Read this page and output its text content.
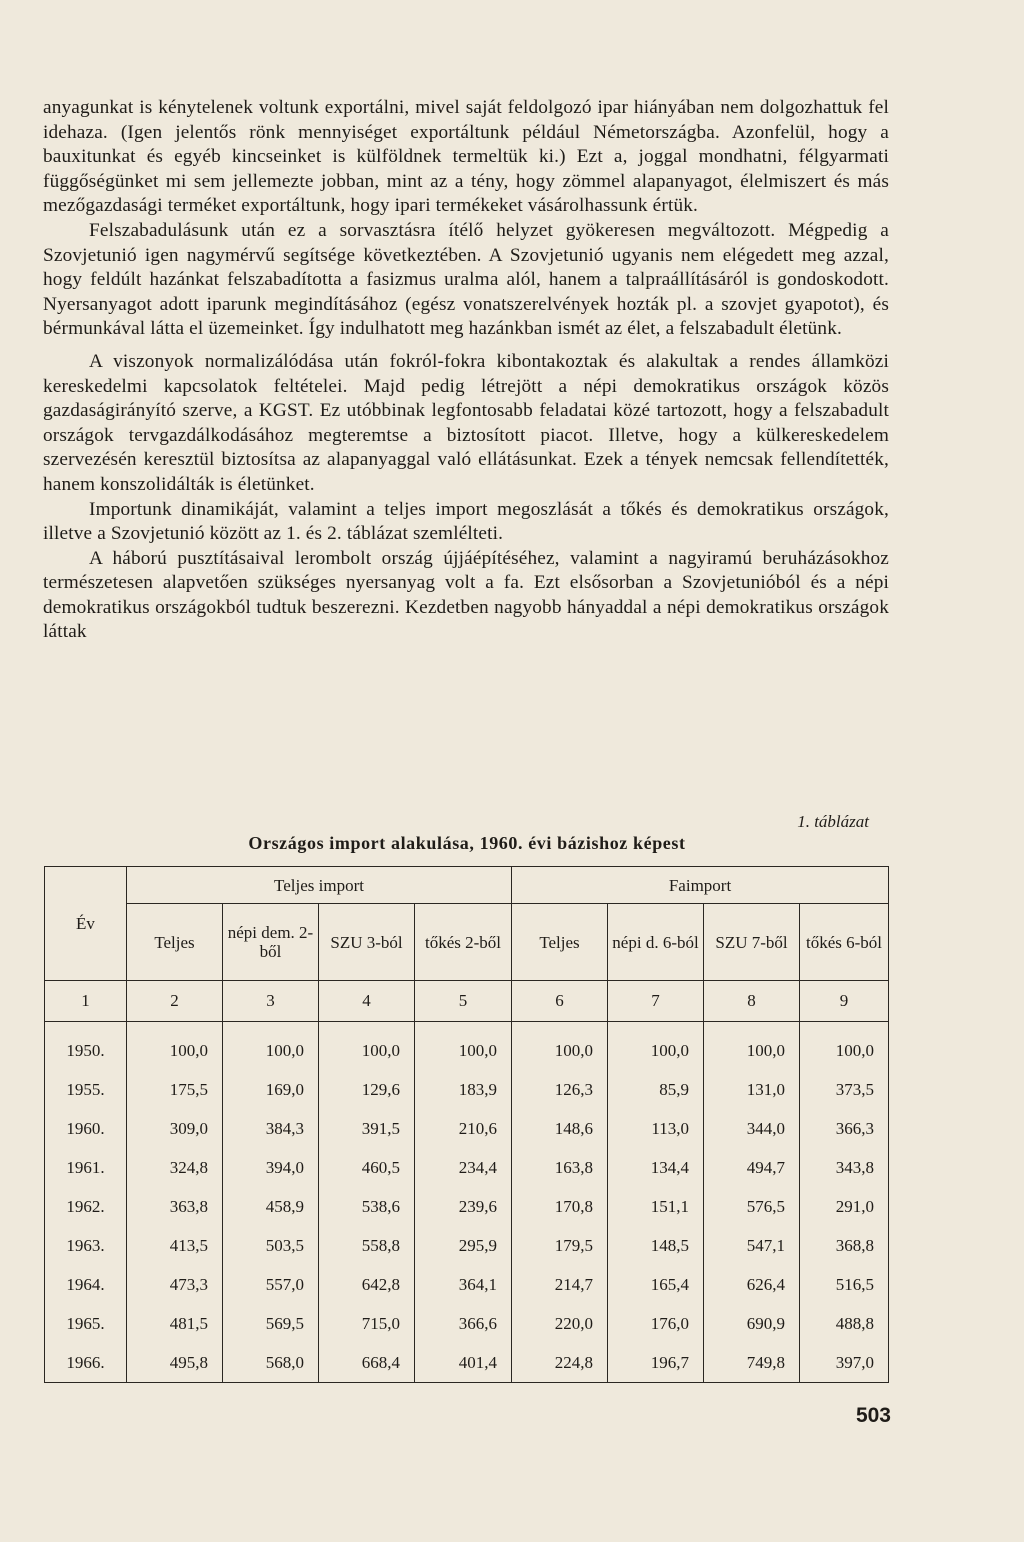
anyagunkat is kénytelenek voltunk exportálni, mivel saját feldolgozó ipar hiányában nem dolgozhattuk fel idehaza. (Igen jelentős rönk mennyiséget exportáltunk például Németországba. Azonfelül, hogy a bauxitunkat és egyéb kincseinket is külföldnek termeltük ki.) Ezt a, joggal mondhatni, félgyarmati függőségünket mi sem jellemezte jobban, mint az a tény, hogy zömmel alapanyagot, élelmiszert és más mezőgazdasági terméket exportáltunk, hogy ipari termékeket vásárolhassunk értük.

Felszabadulásunk után ez a sorvasztásra ítélő helyzet gyökeresen megváltozott. Mégpedig a Szovjetunió igen nagymérvű segítsége következtében. A Szovjetunió ugyanis nem elégedett meg azzal, hogy feldúlt hazánkat felszabadította a fasizmus uralma alól, hanem a talpraállításáról is gondoskodott. Nyersanyagot adott iparunk megindításához (egész vonatszerelvények hozták pl. a szovjet gyapotot), és bérmunkával látta el üzemeinket. Így indulhatott meg hazánkban ismét az élet, a felszabadult életünk.

A viszonyok normalizálódása után fokról-fokra kibontakoztak és alakultak a rendes államközi kereskedelmi kapcsolatok feltételei. Majd pedig létrejött a népi demokratikus országok közös gazdaságirányító szerve, a KGST. Ez utóbbinak legfontosabb feladatai közé tartozott, hogy a felszabadult országok tervgazdálkodásához megteremtse a biztosított piacot. Illetve, hogy a külkereskedelem szervezésén keresztül biztosítsa az alapanyaggal való ellátásunkat. Ezek a tények nemcsak fellendítették, hanem konszolidálták is életünket.

Importunk dinamikáját, valamint a teljes import megoszlását a tőkés és demokratikus országok, illetve a Szovjetunió között az 1. és 2. táblázat szemlélteti.

A háború pusztításaival lerombolt ország újjáépítéséhez, valamint a nagyiramú beruházásokhoz természetesen alapvetően szükséges nyersanyag volt a fa. Ezt elsősorban a Szovjetunióból és a népi demokratikus országokból tudtuk beszerezni. Kezdetben nagyobb hányaddal a népi demokratikus országok láttak

1. táblázat
Országos import alakulása, 1960. évi bázishoz képest
Év	Teljes import				Faimport			
	Teljes	népi dem. 2-ből	SZU 3-ból	tőkés 2-ből	Teljes	népi d. 6-ból	SZU 7-ből	tőkés 6-ból
1	2	3	4	5	6	7	8	9
1950.	100,0	100,0	100,0	100,0	100,0	100,0	100,0	100,0
1955.	175,5	169,0	129,6	183,9	126,3	85,9	131,0	373,5
1960.	309,0	384,3	391,5	210,6	148,6	113,0	344,0	366,3
1961.	324,8	394,0	460,5	234,4	163,8	134,4	494,7	343,8
1962.	363,8	458,9	538,6	239,6	170,8	151,1	576,5	291,0
1963.	413,5	503,5	558,8	295,9	179,5	148,5	547,1	368,8
1964.	473,3	557,0	642,8	364,1	214,7	165,4	626,4	516,5
1965.	481,5	569,5	715,0	366,6	220,0	176,0	690,9	488,8
1966.	495,8	568,0	668,4	401,4	224,8	196,7	749,8	397,0
503
